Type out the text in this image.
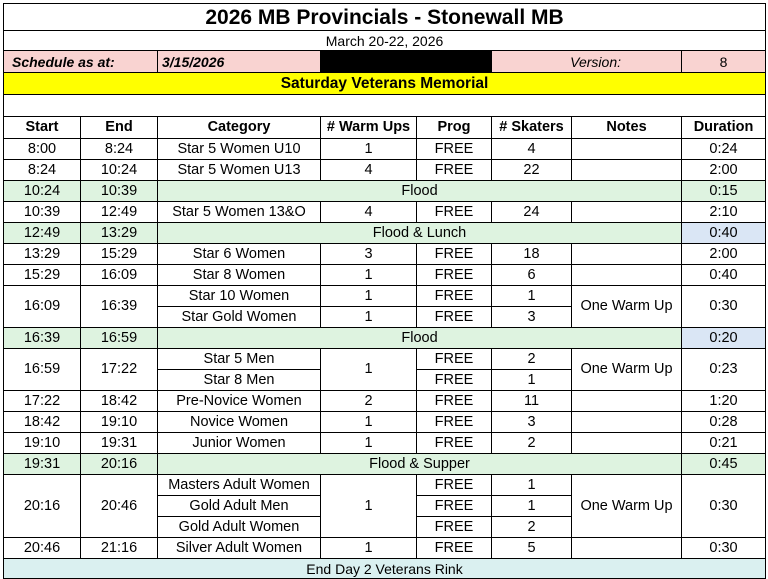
2026 MB Provincials - Stonewall MB							
March 20-22, 2026							
Schedule as at:		3/15/2026			Version:		8
Saturday Veterans Memorial							

Start	End	Category	# Warm Ups	Prog	# Skaters	Notes	Duration
8:00	8:24	Star 5 Women U10	1	FREE	4		0:24
8:24	10:24	Star 5 Women U13	4	FREE	22		2:00
10:24	10:39	Flood					0:15
10:39	12:49	Star 5 Women 13&O	4	FREE	24		2:10
12:49	13:29	Flood & Lunch					0:40
13:29	15:29	Star 6 Women	3	FREE	18		2:00
15:29	16:09	Star 8 Women	1	FREE	6		0:40
16:09	16:39	Star 10 Women	1	FREE	1	One Warm Up	0:30
		Star Gold Women	1	FREE	3		
16:39	16:59	Flood					0:20
16:59	17:22	Star 5 Men	1	FREE	2	One Warm Up	0:23
		Star 8 Men		FREE	1		
17:22	18:42	Pre-Novice Women	2	FREE	11		1:20
18:42	19:10	Novice Women	1	FREE	3		0:28
19:10	19:31	Junior Women	1	FREE	2		0:21
19:31	20:16	Flood & Supper					0:45
20:16	20:46	Masters Adult Women	1	FREE	1	One Warm Up	0:30
		Gold Adult Men		FREE	1		
		Gold Adult Women		FREE	2		
20:46	21:16	Silver Adult Women	1	FREE	5		0:30
End Day 2 Veterans Rink							
